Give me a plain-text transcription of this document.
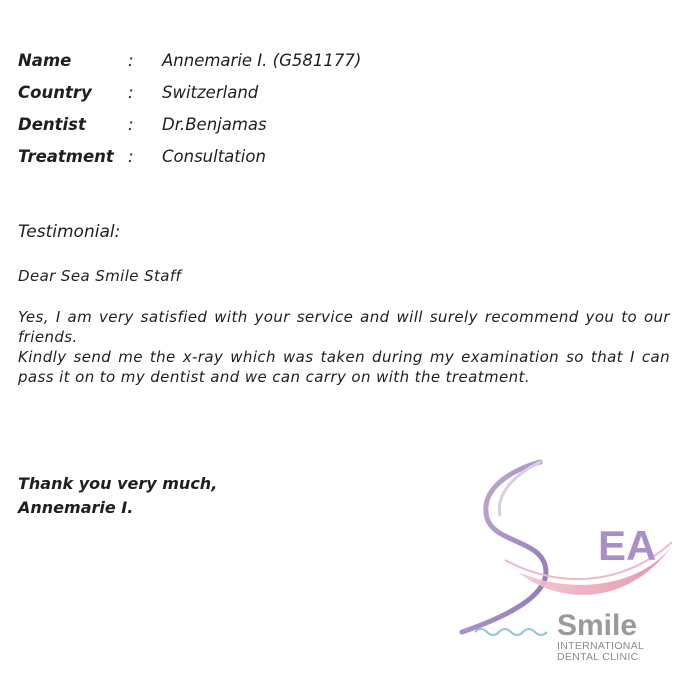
Name	:	Annemarie I. (G581177)
Country	:	Switzerland
Dentist	:	Dr.Benjamas
Treatment :	Consultation
Testimonial:
Dear Sea Smile Staff

Yes, I am very satisfied with your service and will surely recommend you to our friends.

Kindly send me the x-ray which was taken during my examination so that I can pass it on to my dentist and we can carry on with the treatment.

Thank you very much,
Annemarie I.
EA
Smile
INTERNATIONAL
DENTAL CLINIC
